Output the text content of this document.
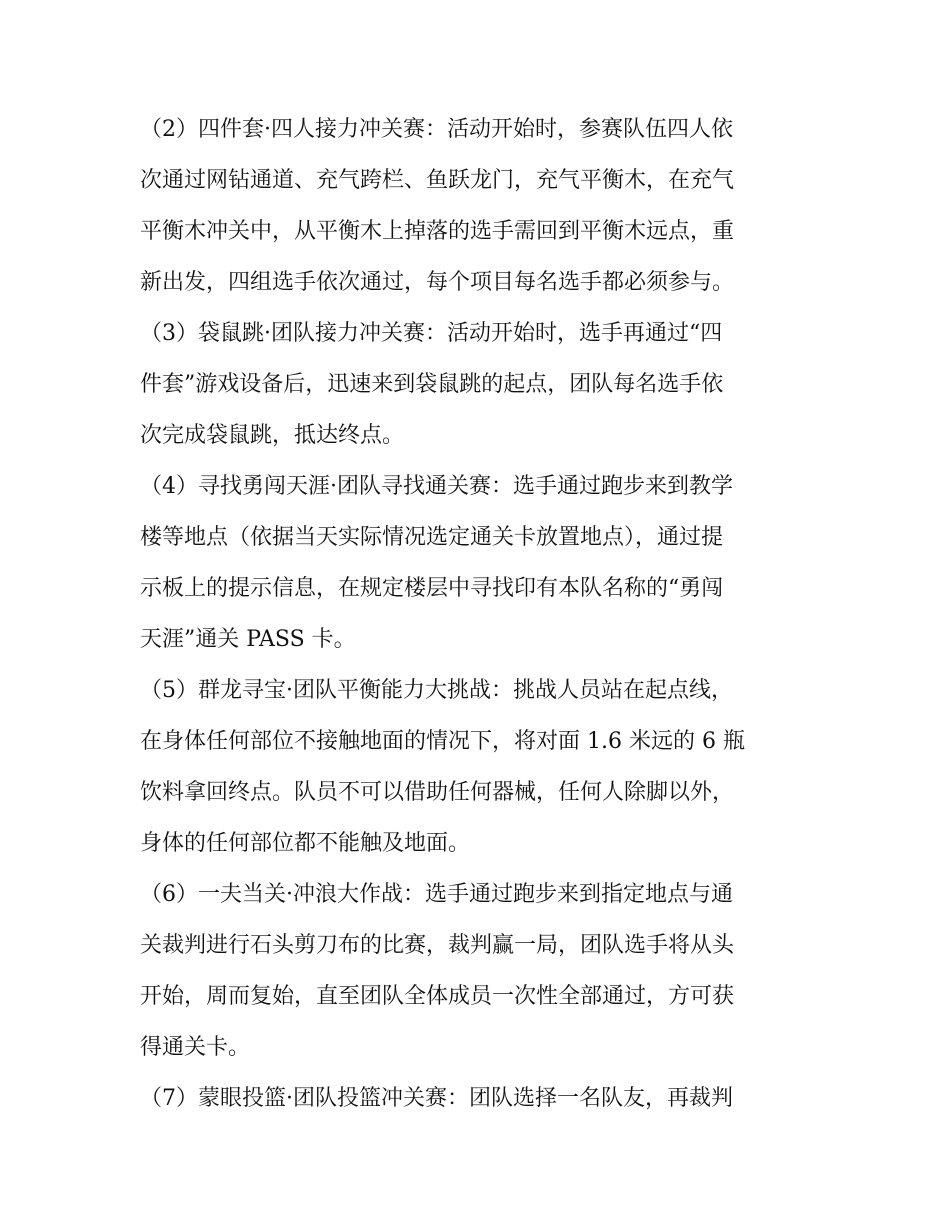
（2）四件套·四人接力冲关赛：活动开始时，参赛队伍四人依
次通过网钻通道、充气跨栏、鱼跃龙门，充气平衡木，在充气
平衡木冲关中，从平衡木上掉落的选手需回到平衡木远点，重
新出发，四组选手依次通过，每个项目每名选手都必须参与。

（3）袋鼠跳·团队接力冲关赛：活动开始时，选手再通过“四
件套”游戏设备后，迅速来到袋鼠跳的起点，团队每名选手依
次完成袋鼠跳，抵达终点。

（4）寻找勇闯天涯·团队寻找通关赛：选手通过跑步来到教学
楼等地点（依据当天实际情况选定通关卡放置地点），通过提
示板上的提示信息，在规定楼层中寻找印有本队名称的“勇闯
天涯”通关 PASS 卡。

（5）群龙寻宝·团队平衡能力大挑战：挑战人员站在起点线，
在身体任何部位不接触地面的情况下，将对面 1.6 米远的 6 瓶
饮料拿回终点。队员不可以借助任何器械，任何人除脚以外，
身体的任何部位都不能触及地面。

（6）一夫当关·冲浪大作战：选手通过跑步来到指定地点与通
关裁判进行石头剪刀布的比赛，裁判赢一局，团队选手将从头
开始，周而复始，直至团队全体成员一次性全部通过，方可获
得通关卡。

（7）蒙眼投篮·团队投篮冲关赛：团队选择一名队友，再裁判
